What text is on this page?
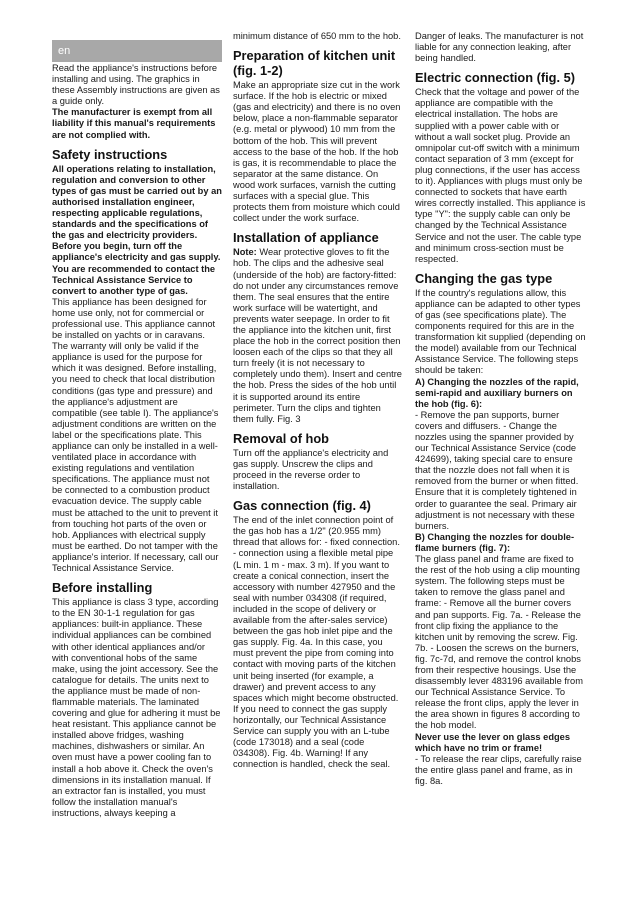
en

Read the appliance's instructions before installing and using. The graphics in these Assembly instructions are given as a guide only.

The manufacturer is exempt from all liability if this manual's requirements are not complied with.

Safety instructions

All operations relating to installation, regulation and conversion to other types of gas must be carried out by an authorised installation engineer, respecting applicable regulations, standards and the specifications of the gas and electricity providers. Before you begin, turn off the appliance's electricity and gas supply. You are recommended to contact the Technical Assistance Service to convert to another type of gas.

This appliance has been designed for home use only, not for commercial or professional use. This appliance cannot be installed on yachts or in caravans. The warranty will only be valid if the appliance is used for the purpose for which it was designed. Before installing, you need to check that local distribution conditions (gas type and pressure) and the appliance's adjustment are compatible (see table I). The appliance's adjustment conditions are written on the label or the specifications plate. This appliance can only be installed in a well-ventilated place in accordance with existing regulations and ventilation specifications. The appliance must not be connected to a combustion product evacuation device. The supply cable must be attached to the unit to prevent it from touching hot parts of the oven or hob. Appliances with electrical supply must be earthed. Do not tamper with the appliance's interior. If necessary, call our Technical Assistance Service.

Before installing

This appliance is class 3 type, according to the EN 30-1-1 regulation for gas appliances: built-in appliance. These individual appliances can be combined with other identical appliances and/or with conventional hobs of the same make, using the joint accessory. See the catalogue for details. The units next to the appliance must be made of non-flammable materials. The laminated covering and glue for adhering it must be heat resistant. This appliance cannot be installed above fridges, washing machines, dishwashers or similar. An oven must have a power cooling fan to install a hob above it. Check the oven's dimensions in its installation manual. If an extractor fan is installed, you must follow the installation manual's instructions, always keeping a

minimum distance of 650 mm to the hob.

Preparation of kitchen unit (fig. 1-2)

Make an appropriate size cut in the work surface. If the hob is electric or mixed (gas and electricity) and there is no oven below, place a non-flammable separator (e.g. metal or plywood) 10 mm from the bottom of the hob. This will prevent access to the base of the hob. If the hob is gas, it is recommendable to place the separator at the same distance. On wood work surfaces, varnish the cutting surfaces with a special glue. This protects them from moisture which could collect under the work surface.

Installation of appliance

Note: Wear protective gloves to fit the hob. The clips and the adhesive seal (underside of the hob) are factory-fitted: do not under any circumstances remove them. The seal ensures that the entire work surface will be watertight, and prevents water seepage. In order to fit the appliance into the kitchen unit, first place the hob in the correct position then loosen each of the clips so that they all turn freely (it is not necessary to completely undo them). Insert and centre the hob. Press the sides of the hob until it is supported around its entire perimeter. Turn the clips and tighten them fully. Fig. 3

Removal of hob

Turn off the appliance's electricity and gas supply. Unscrew the clips and proceed in the reverse order to installation.

Gas connection (fig. 4)

The end of the inlet connection point of the gas hob has a 1/2" (20.955 mm) thread that allows for: - fixed connection. - connection using a flexible metal pipe (L min. 1 m - max. 3 m). If you want to create a conical connection, insert the accessory with number 427950 and the seal with number 034308 (if required, included in the scope of delivery or available from the after-sales service) between the gas hob inlet pipe and the gas supply. Fig. 4a. In this case, you must prevent the pipe from coming into contact with moving parts of the kitchen unit being inserted (for example, a drawer) and prevent access to any spaces which might become obstructed. If you need to connect the gas supply horizontally, our Technical Assistance Service can supply you with an L-tube (code 173018) and a seal (code 034308). Fig. 4b. Warning! If any connection is handled, check the seal.

Danger of leaks. The manufacturer is not liable for any connection leaking, after being handled.

Electric connection (fig. 5)

Check that the voltage and power of the appliance are compatible with the electrical installation. The hobs are supplied with a power cable with or without a wall socket plug. Provide an omnipolar cut-off switch with a minimum contact separation of 3 mm (except for plug connections, if the user has access to it). Appliances with plugs must only be connected to sockets that have earth wires correctly installed. This appliance is type "Y": the supply cable can only be changed by the Technical Assistance Service and not the user. The cable type and minimum cross-section must be respected.

Changing the gas type

If the country's regulations allow, this appliance can be adapted to other types of gas (see specifications plate). The components required for this are in the transformation kit supplied (depending on the model) available from our Technical Assistance Service. The following steps should be taken:

A) Changing the nozzles of the rapid, semi-rapid and auxiliary burners on the hob (fig. 6):

- Remove the pan supports, burner covers and diffusers. - Change the nozzles using the spanner provided by our Technical Assistance Service (code 424699), taking special care to ensure that the nozzle does not fall when it is removed from the burner or when fitted. Ensure that it is completely tightened in order to guarantee the seal. Primary air adjustment is not necessary with these burners.

B) Changing the nozzles for double-flame burners (fig. 7):

The glass panel and frame are fixed to the rest of the hob using a clip mounting system. The following steps must be taken to remove the glass panel and frame: - Remove all the burner covers and pan supports. Fig. 7a. - Release the front clip fixing the appliance to the kitchen unit by removing the screw. Fig. 7b. - Loosen the screws on the burners, fig. 7c-7d, and remove the control knobs from their respective housings. Use the disassembly lever 483196 available from our Technical Assistance Service. To release the front clips, apply the lever in the area shown in figures 8 according to the hob model.

Never use the lever on glass edges which have no trim or frame!

- To release the rear clips, carefully raise the entire glass panel and frame, as in fig. 8a.
